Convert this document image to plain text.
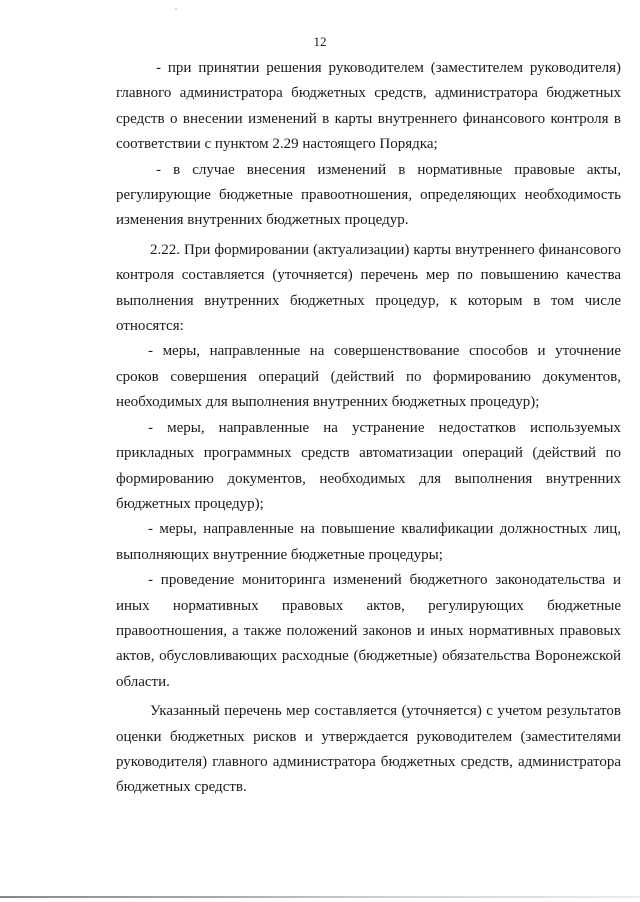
12

- при принятии решения руководителем (заместителем руководителя) главного администратора бюджетных средств, администратора бюджетных средств о внесении изменений в карты внутреннего финансового контроля в соответствии с пунктом 2.29 настоящего Порядка;

- в случае внесения изменений в нормативные правовые акты, регулирующие бюджетные правоотношения, определяющих необходимость изменения внутренних бюджетных процедур.

2.22. При формировании (актуализации) карты внутреннего финансового контроля составляется (уточняется) перечень мер по повышению качества выполнения внутренних бюджетных процедур, к которым в том числе относятся:

- меры, направленные на совершенствование способов и уточнение сроков совершения операций (действий по формированию документов, необходимых для выполнения внутренних бюджетных процедур);

- меры, направленные на устранение недостатков используемых прикладных программных средств автоматизации операций (действий по формированию документов, необходимых для выполнения внутренних бюджетных процедур);

- меры, направленные на повышение квалификации должностных лиц, выполняющих внутренние бюджетные процедуры;

- проведение мониторинга изменений бюджетного законодательства и иных нормативных правовых актов, регулирующих бюджетные правоотношения, а также положений законов и иных нормативных правовых актов, обусловливающих расходные (бюджетные) обязательства Воронежской области.

Указанный перечень мер составляется (уточняется) с учетом результатов оценки бюджетных рисков и утверждается руководителем (заместителями руководителя) главного администратора бюджетных средств, администратора бюджетных средств.
